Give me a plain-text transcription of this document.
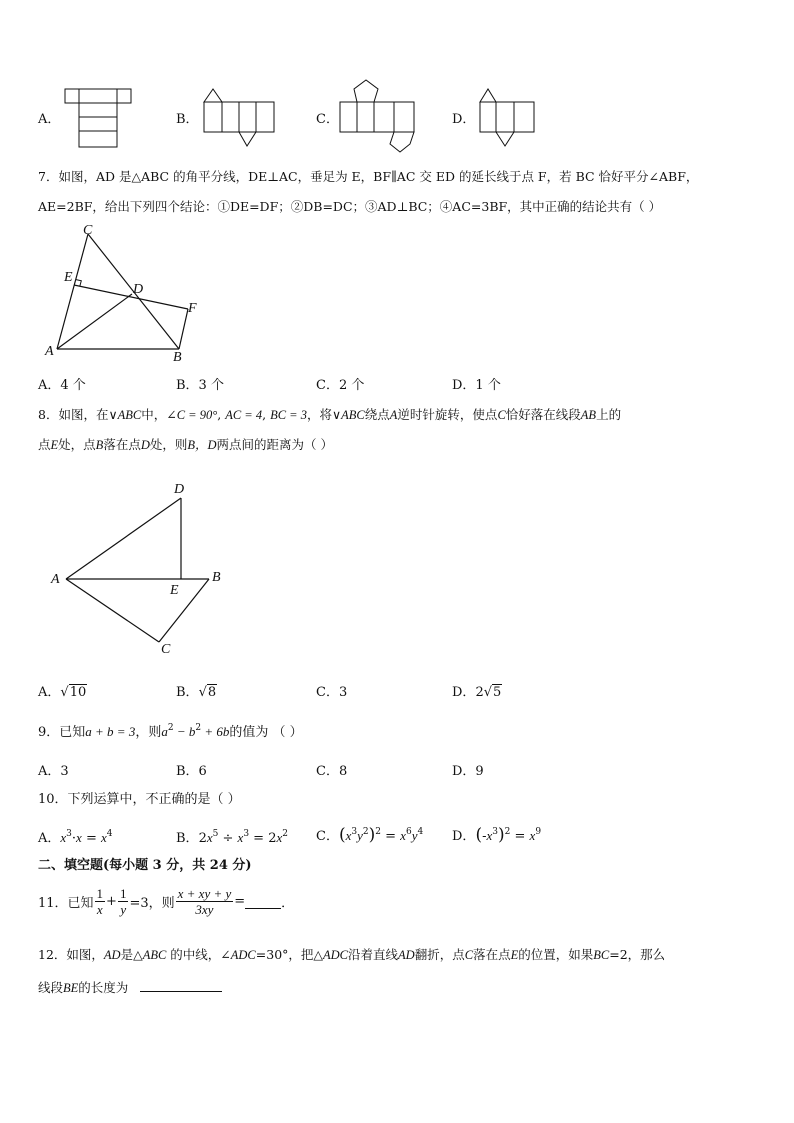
A．	B．	C．	D．
7．如图，AD 是△ABC 的角平分线，DE⊥AC，垂足为 E，BF∥AC 交 ED 的延长线于点 F，若 BC 恰好平分∠ABF，
AE=2BF，给出下列四个结论：①DE=DF；②DB=DC；③AD⊥BC；④AC=3BF，其中正确的结论共有（ ）
C
E
D
F
A	B
A．4 个	B．3 个	C．2 个	D．1 个
8．如图，在∨ABC中，∠C = 90°, AC = 4, BC = 3，将∨ABC绕点A逆时针旋转，使点C恰好落在线段AB上的
点E处，点B落在点D处，则B，D两点间的距离为（ ）
D
A
E
B
C
A．√10	B．√8	C．3	D．2√5
9．已知a + b = 3，则$a^2 - b^2 + 6b$的值为 （ ）
A．3	B．6	C．8	D．9
10．下列运算中，不正确的是（ ）
A．$x^3\cdot x = x^4$	B．$2x^5 \div x^3 = 2x^2$ C．$(x^3y^2)^2 = x^6y^4$ D．$(-x^3)^2 = x^9$
二、填空题(每小题 3 分，共 24 分)
11．已知 $\frac{1}{x} + \frac{1}{y} =3$，则 $\frac{x + xy + y}{3xy}$ =	．
12．如图，AD是△ABC 的中线，∠ADC=30°，把△ADC沿着直线AD翻折，点C落在点E的位置，如果BC=2，那么
线段BE的长度为
